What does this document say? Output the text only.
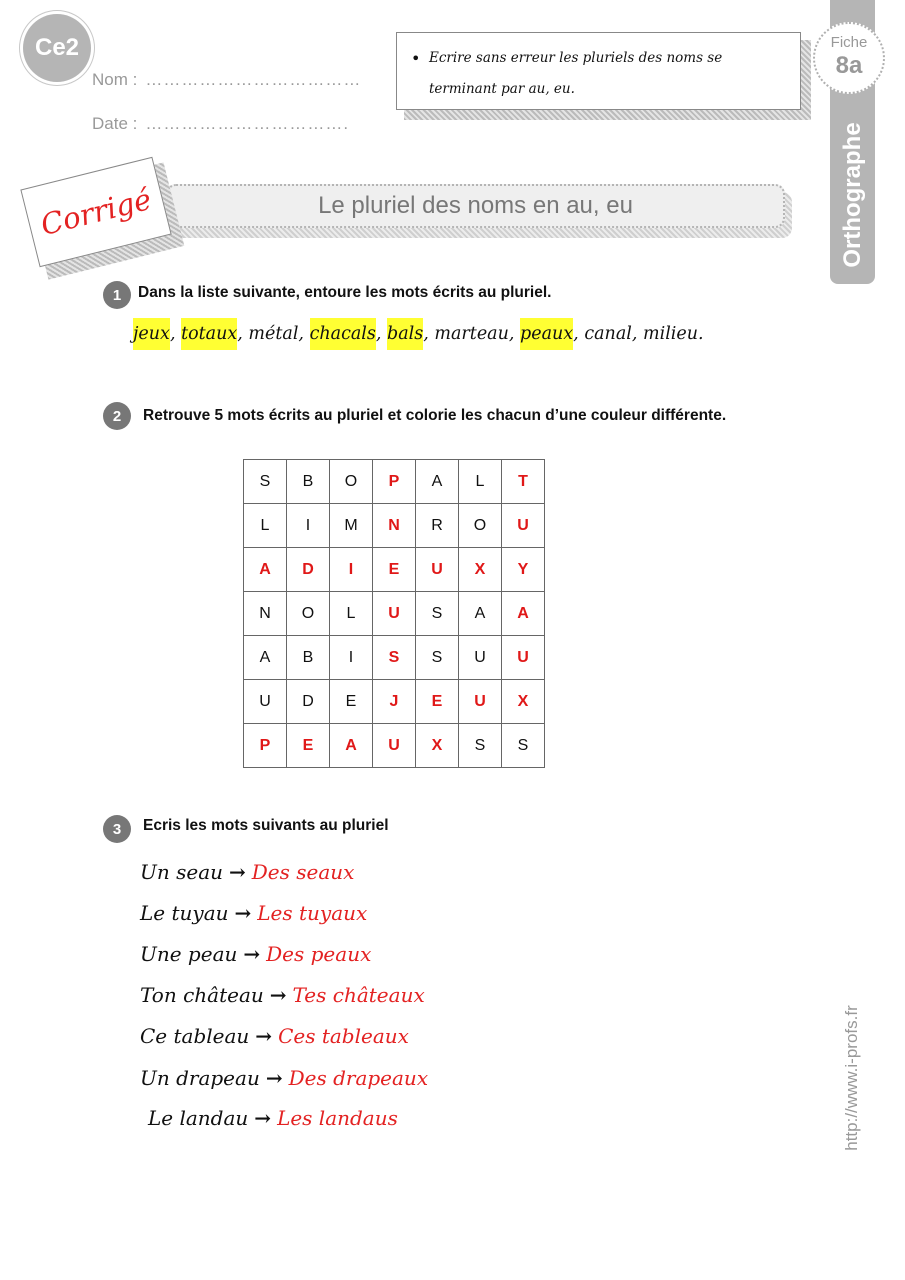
Ce2
Nom : ………………………………
Date : …………………………….
• Ecrire sans erreur les pluriels des noms se terminant par au, eu.
Orthographe
Fiche
8a
Le pluriel des noms en au, eu
Corrigé
1	Dans la liste suivante, entoure les mots écrits au pluriel.
jeux, totaux, métal, chacals, bals, marteau, peaux, canal, milieu.
2	Retrouve 5 mots écrits au pluriel et colorie les chacun d’une couleur différente.
S	B	O	P	A	L	T
L	I	M	N	R	O	U
A	D	I	E	U	X	Y
N	O	L	U	S	A	A
A	B	I	S	S	U	U
U	D	E	J	E	U	X
P	E	A	U	X	S	S
3	Ecris les mots suivants au pluriel
Un seau → Des seaux
Le tuyau → Les tuyaux
Une peau → Des peaux
Ton château → Tes châteaux
Ce tableau → Ces tableaux
Un drapeau → Des drapeaux
Le landau → Les landaus	http://www.i-profs.fr
